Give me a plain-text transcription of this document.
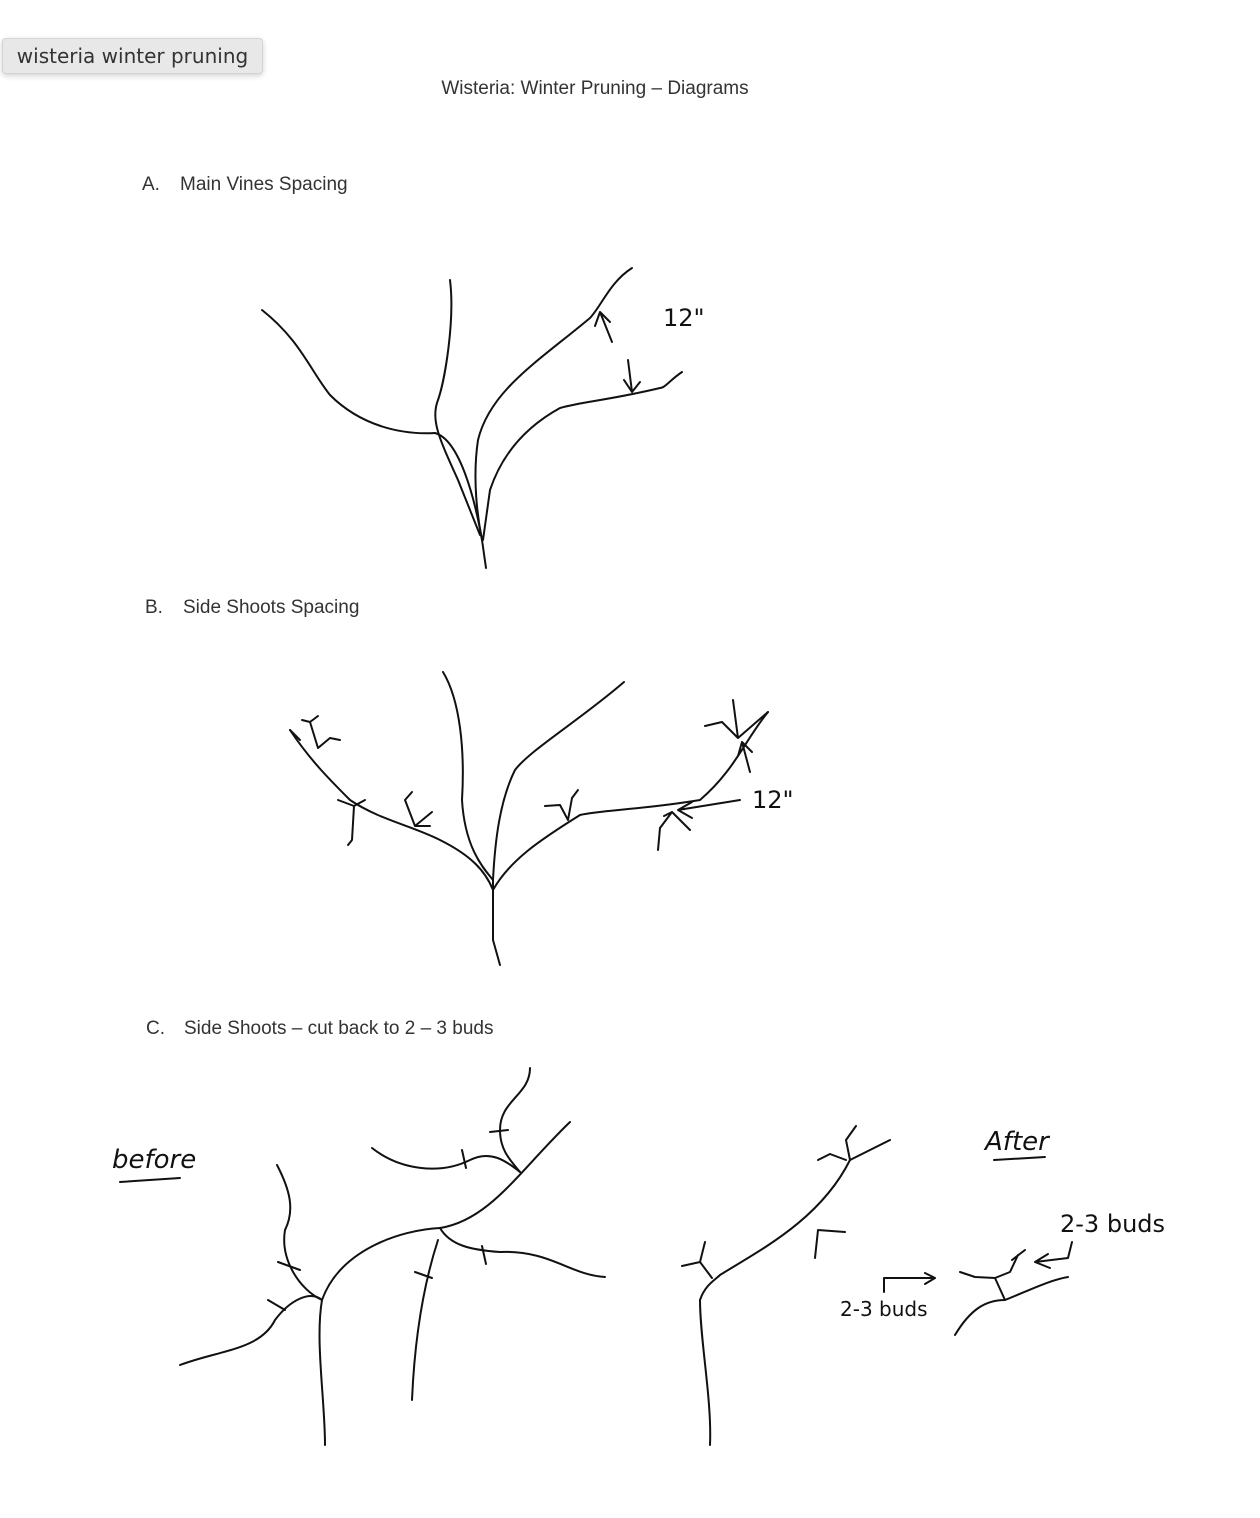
wisteria winter pruning
Wisteria: Winter Pruning – Diagrams
A. Main Vines Spacing
B. Side Shoots Spacing
C. Side Shoots – cut back to 2 – 3 buds
12"
12"
before
After
2-3 buds
2-3 buds
